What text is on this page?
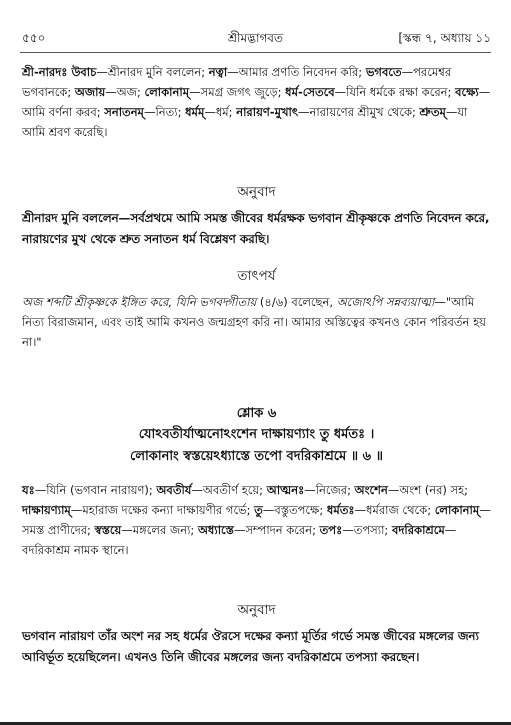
৫৫০	শ্রীমদ্ভাগবত	[স্কন্ধ ৭, অধ্যায় ১১
শ্রী-নারদঃ উবাচ—শ্রীনারদ মুনি বললেন; নত্বা—আমার প্রণতি নিবেদন করি; ভগবতে—পরমেশ্বর ভগবানকে; অজায়—অজ; লোকানাম্—সমগ্র জগৎ জুড়ে; ধর্ম-সেতবে—যিনি ধর্মকে রক্ষা করেন; বক্ষ্যে—আমি বর্ণনা করব; সনাতনম্—নিত্য; ধর্মম্—ধর্ম; নারায়ণ-মুখাৎ—নারায়ণের শ্রীমুখ থেকে; শ্রুতম্—যা আমি শ্রবণ করেছি।
অনুবাদ
শ্রীনারদ মুনি বললেন—সর্বপ্রথমে আমি সমস্ত জীবের ধর্মরক্ষক ভগবান শ্রীকৃষ্ণকে প্রণতি নিবেদন করে, নারায়ণের মুখ থেকে শ্রুত সনাতন ধর্ম বিশ্লেষণ করছি।
তাৎপর্য
অজ শব্দটি শ্রীকৃষ্ণকে ইঙ্গিত করে, যিনি ভগবদ্গীতায় (৪/৬) বলেছেন, অজোঽপি সন্নব্যয়াত্মা—"আমি নিত্য বিরাজমান, এবং তাই আমি কখনও জন্মগ্রহণ করি না। আমার অস্তিত্বের কখনও কোন পরিবর্তন হয় না।"
শ্লোক ৬
যোঽবতীর্যাত্মনোঽংশেন দাক্ষায়ণ্যাং তু ধর্মতঃ ।
লোকানাং স্বস্তয়েঽধ্যাস্তে তপো বদরিকাশ্রমে ॥ ৬ ॥
যঃ—যিনি (ভগবান নারায়ণ); অবতীর্য—অবতীর্ণ হয়ে; আত্মনঃ—নিজের; অংশেন—অংশ (নর) সহ; দাক্ষায়ণ্যাম্—মহারাজ দক্ষের কন্যা দাক্ষায়ণীর গর্ভে; তু—বস্তুতপক্ষে; ধর্মতঃ—ধর্মরাজ থেকে; লোকানাম্—সমস্ত প্রাণীদের; স্বস্তয়ে—মঙ্গলের জন্য; অধ্যাস্তে—সম্পাদন করেন; তপঃ—তপস্যা; বদরিকাশ্রমে—বদরিকাশ্রম নামক স্থানে।
অনুবাদ
ভগবান নারায়ণ তাঁর অংশ নর সহ ধর্মের ঔরসে দক্ষের কন্যা মূর্তির গর্ভে সমস্ত জীবের মঙ্গলের জন্য আবির্ভূত হয়েছিলেন। এখনও তিনি জীবের মঙ্গলের জন্য বদরিকাশ্রমে তপস্যা করছেন।
